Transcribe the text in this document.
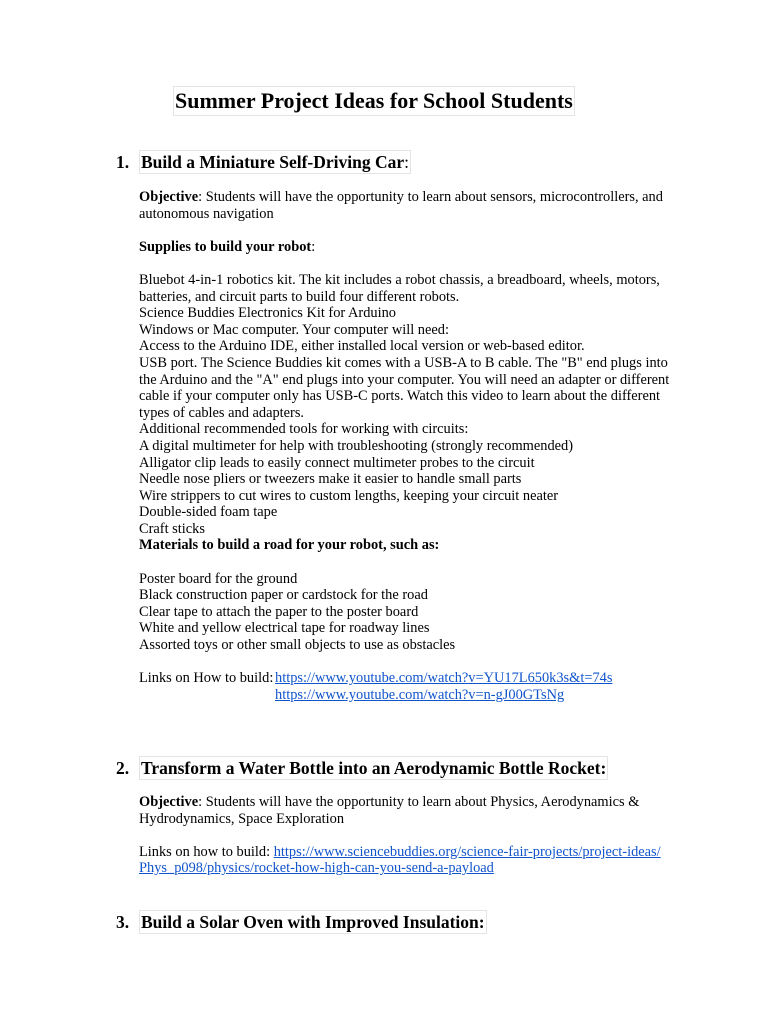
Summer Project Ideas for School Students
1. Build a Miniature Self-Driving Car:

Objective: Students will have the opportunity to learn about sensors, microcontrollers, and autonomous navigation

Supplies to build your robot:

Bluebot 4-in-1 robotics kit. The kit includes a robot chassis, a breadboard, wheels, motors, batteries, and circuit parts to build four different robots.

Science Buddies Electronics Kit for Arduino

Windows or Mac computer. Your computer will need:

Access to the Arduino IDE, either installed local version or web-based editor.

USB port. The Science Buddies kit comes with a USB-A to B cable. The "B" end plugs into the Arduino and the "A" end plugs into your computer. You will need an adapter or different cable if your computer only has USB-C ports. Watch this video to learn about the different types of cables and adapters.

Additional recommended tools for working with circuits:

A digital multimeter for help with troubleshooting (strongly recommended)

Alligator clip leads to easily connect multimeter probes to the circuit

Needle nose pliers or tweezers make it easier to handle small parts

Wire strippers to cut wires to custom lengths, keeping your circuit neater

Double-sided foam tape

Craft sticks

Materials to build a road for your robot, such as:

Poster board for the ground

Black construction paper or cardstock for the road

Clear tape to attach the paper to the poster board

White and yellow electrical tape for roadway lines

Assorted toys or other small objects to use as obstacles

Links on How to build: https://www.youtube.com/watch?v=YU17L650k3s&t=74s
https://www.youtube.com/watch?v=n-gJ00GTsNg
2. Transform a Water Bottle into an Aerodynamic Bottle Rocket:

Objective: Students will have the opportunity to learn about Physics, Aerodynamics & Hydrodynamics, Space Exploration

Links on how to build: https://www.sciencebuddies.org/science-fair-projects/project-ideas/
Phys_p098/physics/rocket-how-high-can-you-send-a-payload

3. Build a Solar Oven with Improved Insulation:
